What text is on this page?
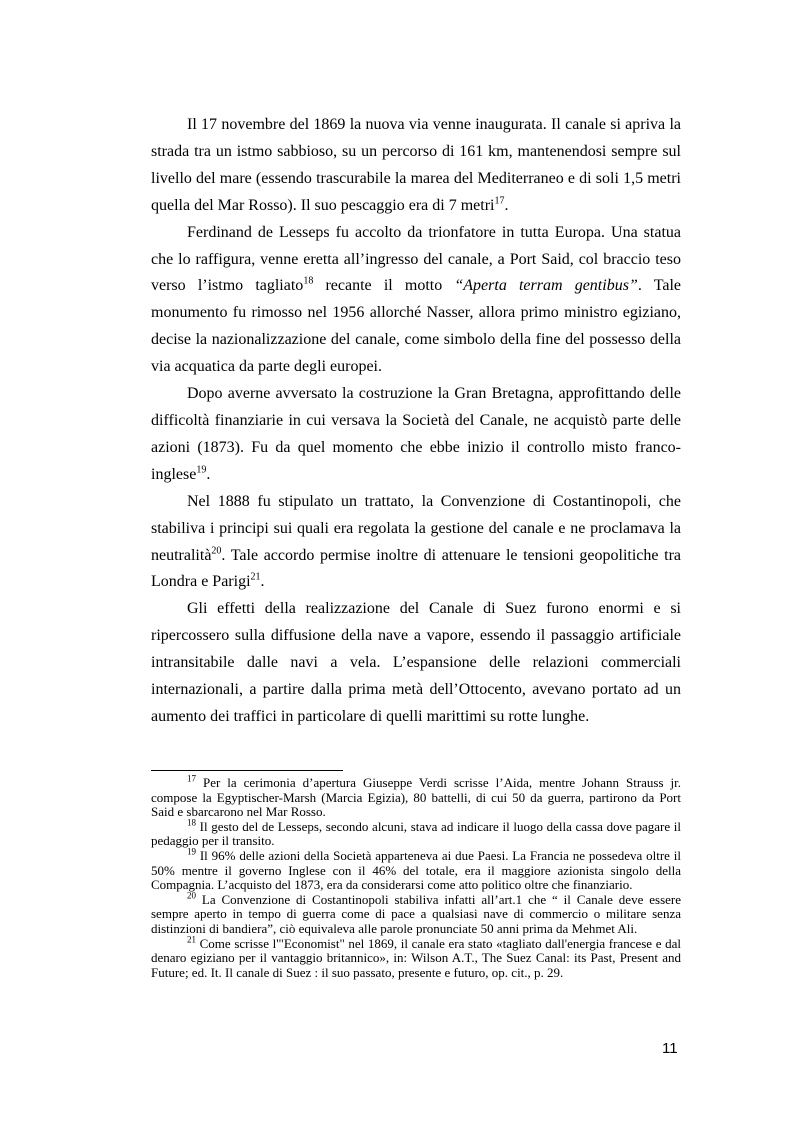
Il 17 novembre del 1869 la nuova via venne inaugurata. Il canale si apriva la strada tra un istmo sabbioso, su un percorso di 161 km, mantenendosi sempre sul livello del mare (essendo trascurabile la marea del Mediterraneo e di soli 1,5 metri quella del Mar Rosso). Il suo pescaggio era di 7 metri$^{17}$.

Ferdinand de Lesseps fu accolto da trionfatore in tutta Europa. Una statua che lo raffigura, venne eretta all’ingresso del canale, a Port Said, col braccio teso verso l’istmo tagliato$^{18}$ recante il motto “Aperta terram gentibus”. Tale monumento fu rimosso nel 1956 allorché Nasser, allora primo ministro egiziano, decise la nazionalizzazione del canale, come simbolo della fine del possesso della via acquatica da parte degli europei.

Dopo averne avversato la costruzione la Gran Bretagna, approfittando delle difficoltà finanziarie in cui versava la Società del Canale, ne acquistò parte delle azioni (1873). Fu da quel momento che ebbe inizio il controllo misto franco-inglese$^{19}$.

Nel 1888 fu stipulato un trattato, la Convenzione di Costantinopoli, che stabiliva i principi sui quali era regolata la gestione del canale e ne proclamava la neutralità$^{20}$. Tale accordo permise inoltre di attenuare le tensioni geopolitiche tra Londra e Parigi$^{21}$.

Gli effetti della realizzazione del Canale di Suez furono enormi e si ripercossero sulla diffusione della nave a vapore, essendo il passaggio artificiale intransitabile dalle navi a vela. L’espansione delle relazioni commerciali internazionali, a partire dalla prima metà dell’Ottocento, avevano portato ad un aumento dei traffici in particolare di quelli marittimi su rotte lunghe.

$^{17}$ Per la cerimonia d’apertura Giuseppe Verdi scrisse l’Aida, mentre Johann Strauss jr. compose la Egyptischer-Marsh (Marcia Egizia), 80 battelli, di cui 50 da guerra, partirono da Port Said e sbarcarono nel Mar Rosso.

$^{18}$ Il gesto del de Lesseps, secondo alcuni, stava ad indicare il luogo della cassa dove pagare il pedaggio per il transito.

$^{19}$ Il 96% delle azioni della Società apparteneva ai due Paesi. La Francia ne possedeva oltre il 50% mentre il governo Inglese con il 46% del totale, era il maggiore azionista singolo della Compagnia. L’acquisto del 1873, era da considerarsi come atto politico oltre che finanziario.

$^{20}$ La Convenzione di Costantinopoli stabiliva infatti all’art.1 che “ il Canale deve essere sempre aperto in tempo di guerra come di pace a qualsiasi nave di commercio o militare senza distinzioni di bandiera”, ciò equivaleva alle parole pronunciate 50 anni prima da Mehmet Ali.

$^{21}$ Come scrisse l'"Economist" nel 1869, il canale era stato «tagliato dall'energia francese e dal denaro egiziano per il vantaggio britannico», in: Wilson A.T., The Suez Canal: its Past, Present and Future; ed. It. Il canale di Suez : il suo passato, presente e futuro, op. cit., p. 29.

11
